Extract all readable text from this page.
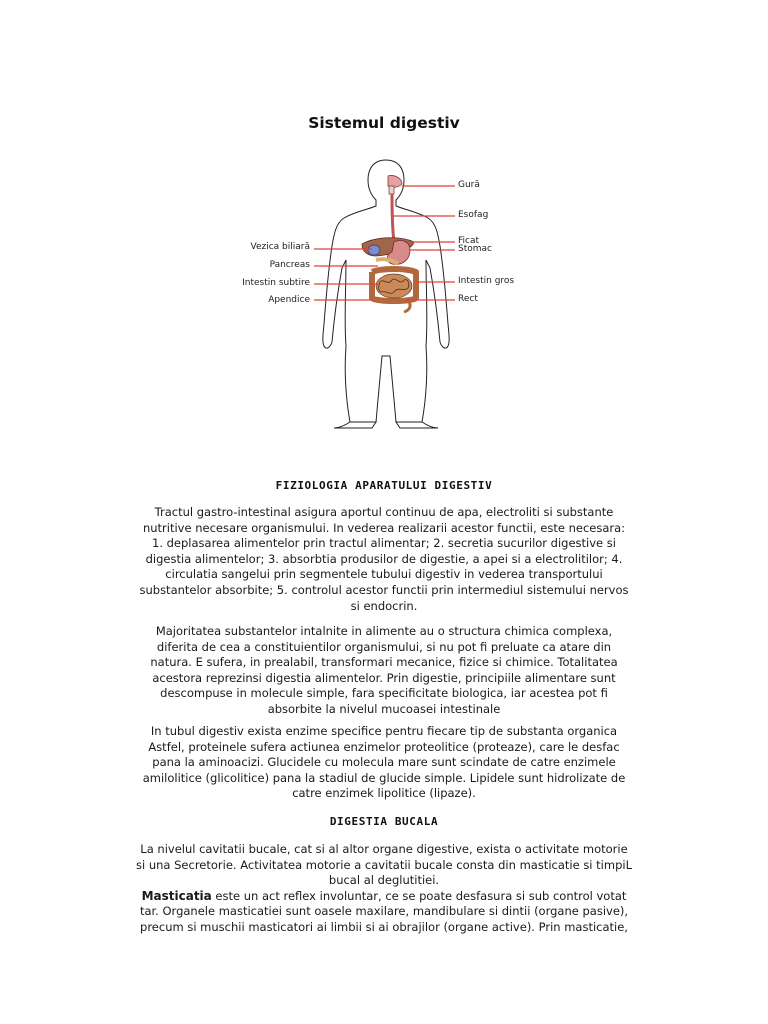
Sistemul digestiv
Gură
Esofag
Ficat
Stomac
Intestin gros
Rect
Vezica biliară
Pancreas
Intestin subtire
Apendice
FIZIOLOGIA APARATULUI DIGESTIV
Tractul gastro-intestinal asigura aportul continuu de apa, electroliti si substante
nutritive necesare organismului. In vederea realizarii acestor functii, este necesara:
1. deplasarea alimentelor prin tractul alimentar; 2. secretia sucurilor digestive si
digestia alimentelor; 3. absorbtia produsilor de digestie, a apei si a electrolitilor; 4.
circulatia sangelui prin segmentele tubului digestiv in vederea transportului
substantelor absorbite; 5. controlul acestor functii prin intermediul sistemului nervos
si endocrin.
Majoritatea substantelor intalnite in alimente au o structura chimica complexa,
diferita de cea a constituientilor organismului, si nu pot fi preluate ca atare din
natura. E sufera, in prealabil, transformari mecanice, fizice si chimice. Totalitatea
acestora reprezinsi digestia alimentelor. Prin digestie, principiile alimentare sunt
descompuse in molecule simple, fara specificitate biologica, iar acestea pot fi
absorbite la nivelul mucoasei intestinale
In tubul digestiv exista enzime specifice pentru fiecare tip de substanta organica
Astfel, proteinele sufera actiunea enzimelor proteolitice (proteaze), care le desfac
pana la aminoacizi. Glucidele cu molecula mare sunt scindate de catre enzimele
amilolitice (glicolitice) pana la stadiul de glucide simple. Lipidele sunt hidrolizate de
catre enzimek lipolitice (lipaze).
DIGESTIA BUCALA
La nivelul cavitatii bucale, cat si al altor organe digestive, exista o activitate motorie
si una Secretorie. Activitatea motorie a cavitatii bucale consta din masticatie si timpiL
bucal al deglutitiei.
Masticatia este un act reflex involuntar, ce se poate desfasura si sub control votat
tar. Organele masticatiei sunt oasele maxilare, mandibulare si dintii (organe pasive),
precum si muschii masticatori ai limbii si ai obrajilor (organe active). Prin masticatie,
